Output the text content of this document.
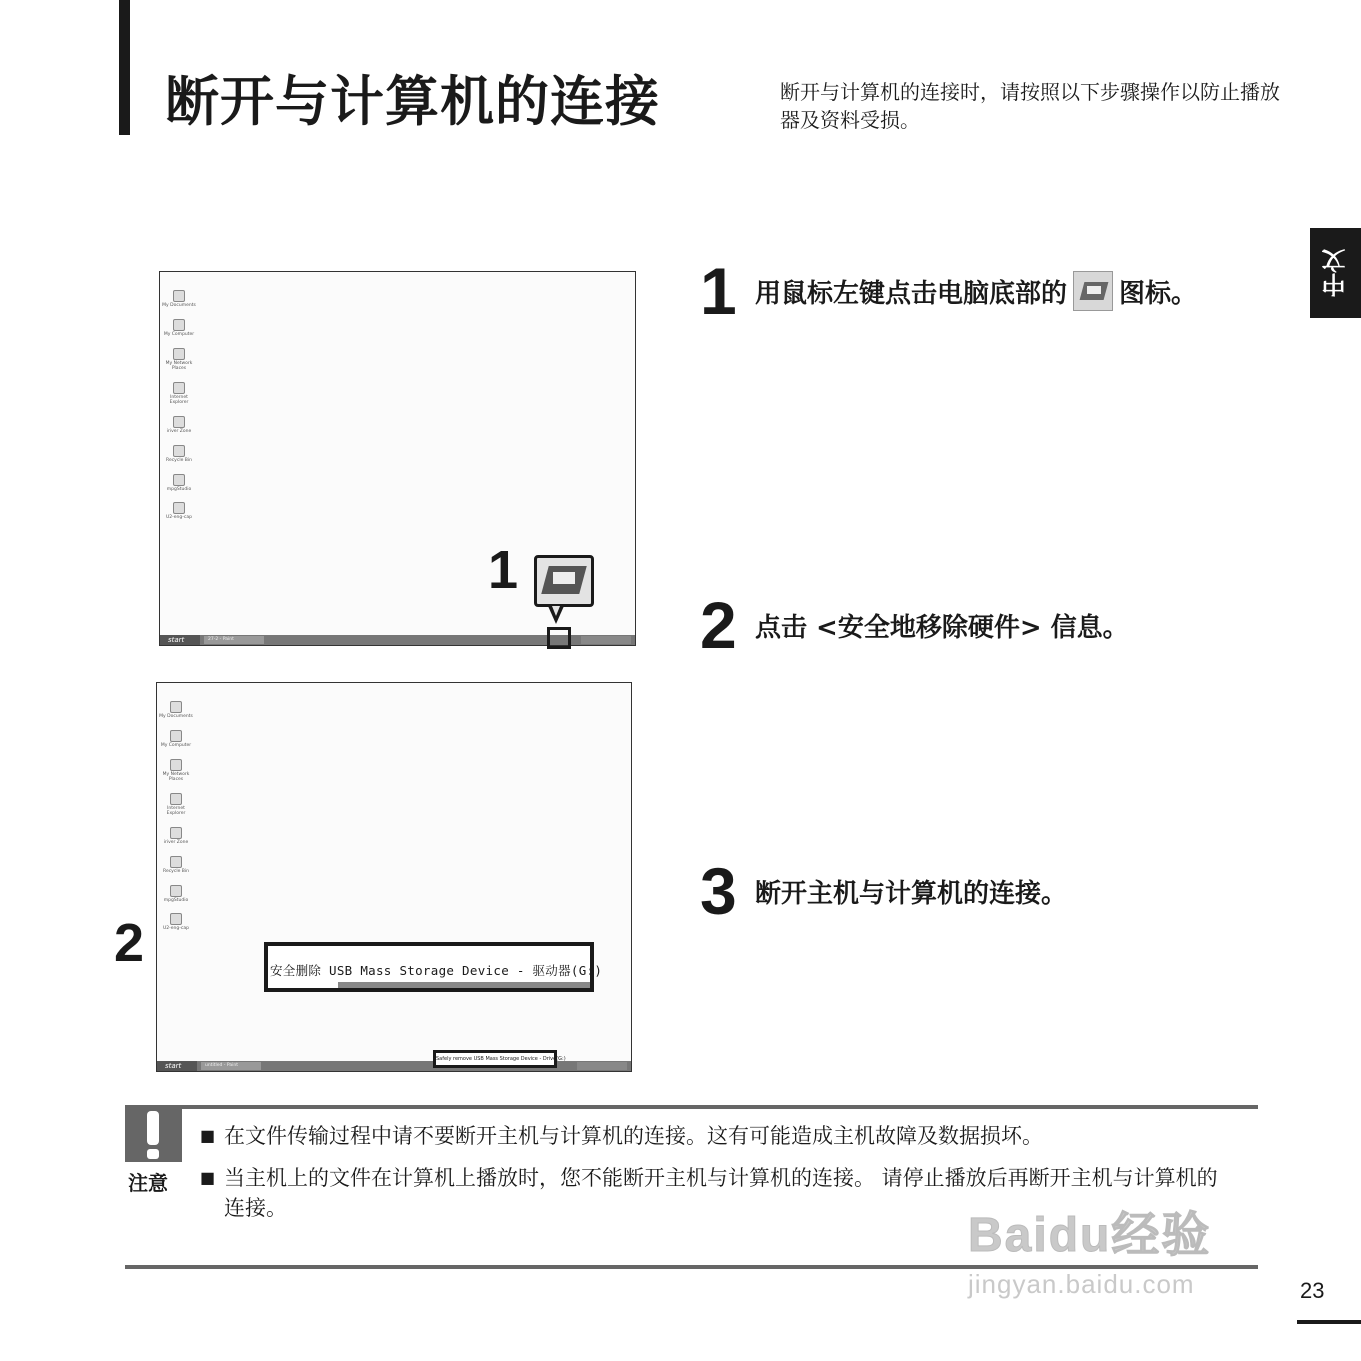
断开与计算机的连接	断开与计算机的连接时，请按照以下步骤操作以防止播放器及资料受损。

中文
1 用鼠标左键点击电脑底部的 图标。
2 点击 <安全地移除硬件> 信息。
3 断开主机与计算机的连接。
My Documents
My Computer
My Network Places
Internet Explorer
iriver Zone
Recycle Bin
mpgStudio
U2-eng-cap
start	27-2 - Paint
1
My Documents
My Computer
My Network Places
Internet Explorer
iriver Zone
Recycle Bin
mpgStudio
U2-eng-cap
start	untitled - Paint
2	安全删除 USB Mass Storage Device - 驱动器(G:)
Safely remove USB Mass Storage Device - Drive(G:)
注意
■ 在文件传输过程中请不要断开主机与计算机的连接。这有可能造成主机故障及数据损坏。
■ 当主机上的文件在计算机上播放时，您不能断开主机与计算机的连接。 请停止播放后再断开主机与计算机的连接。
Baidu经验
jingyan.baidu.com	23
